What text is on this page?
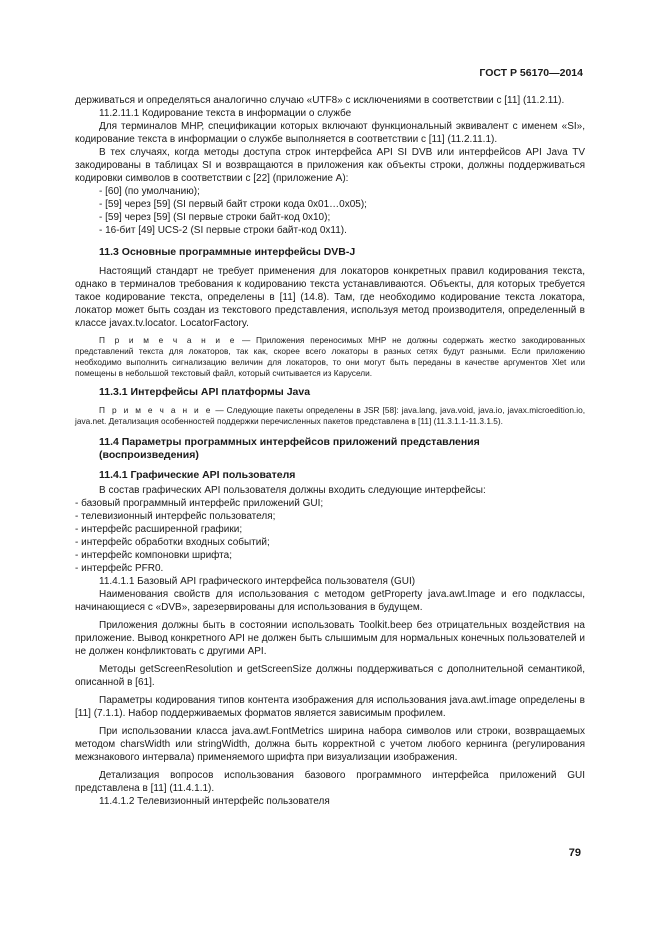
ГОСТ Р 56170—2014

держиваться и определяться аналогично случаю «UTF8» с исключениями в соответствии с [11] (11.2.11).

11.2.11.1 Кодирование текста в информации о службе

Для терминалов МНР, спецификации которых включают функциональный эквивалент с именем «SI», кодирование текста в информации о службе выполняется в соответствии с [11] (11.2.11.1).

В тех случаях, когда методы доступа строк интерфейса API SI DVB или интерфейсов API Java TV закодированы в таблицах SI и возвращаются в приложения как объекты строки, должны поддерживаться кодировки символов в соответствии с [22] (приложение А):

- [60] (по умолчанию);

- [59] через [59] (SI первый байт строки кода 0x01…0x05);

- [59] через [59] (SI первые строки байт-код 0x10);

- 16-бит [49] UCS-2 (SI первые строки байт-код 0x11).

11.3 Основные программные интерфейсы DVB-J

Настоящий стандарт не требует применения для локаторов конкретных правил кодирования текста, однако в терминалов требования к кодированию текста устанавливаются. Объекты, для которых требуется такое кодирование текста, определены в [11] (14.8). Там, где необходимо кодирование текста локатора, локатор может быть создан из текстового представления, используя метод производителя, определенный в классе javax.tv.locator. LocatorFactory.

П р и м е ч а н и е — Приложения переносимых МНР не должны содержать жестко закодированных представлений текста для локаторов, так как, скорее всего локаторы в разных сетях будут разными. Если приложению необходимо выполнить сигнализацию величин для локаторов, то они могут быть переданы в качестве аргументов Xlet или помещены в небольшой текстовый файл, который считывается из Карусели.

11.3.1 Интерфейсы API платформы Java

П р и м е ч а н и е — Следующие пакеты определены в JSR [58]: java.lang, java.void, java.io, javax.microedition.io, java.net. Детализация особенностей поддержки перечисленных пакетов представлена в [11] (11.3.1.1-11.3.1.5).

11.4 Параметры программных интерфейсов приложений представления
(воспроизведения)

11.4.1 Графические API пользователя

В состав графических API пользователя должны входить следующие интерфейсы:

- базовый программный интерфейс приложений GUI;

- телевизионный интерфейс пользователя;

- интерфейс расширенной графики;

- интерфейс обработки входных событий;

- интерфейс компоновки шрифта;

- интерфейс PFR0.

11.4.1.1 Базовый API графического интерфейса пользователя (GUI)

Наименования свойств для использования с методом getProperty java.awt.Image и его подклассы, начинающиеся с «DVB», зарезервированы для использования в будущем.

Приложения должны быть в состоянии использовать Toolkit.beep без отрицательных воздействия на приложение. Вывод конкретного API не должен быть слышимым для нормальных конечных пользователей и не должен конфликтовать с другими API.

Методы getScreenResolution и getScreenSize должны поддерживаться с дополнительной семантикой, описанной в [61].

Параметры кодирования типов контента изображения для использования java.awt.image определены в [11] (7.1.1). Набор поддерживаемых форматов является зависимым профилем.

При использовании класса java.awt.FontMetrics ширина набора символов или строки, возвращаемых методом charsWidth или stringWidth, должна быть корректной с учетом любого кернинга (регулирования межзнакового интервала) применяемого шрифта при визуализации изображения.

Детализация вопросов использования базового программного интерфейса приложений GUI представлена в [11] (11.4.1.1).

11.4.1.2 Телевизионный интерфейс пользователя

79
